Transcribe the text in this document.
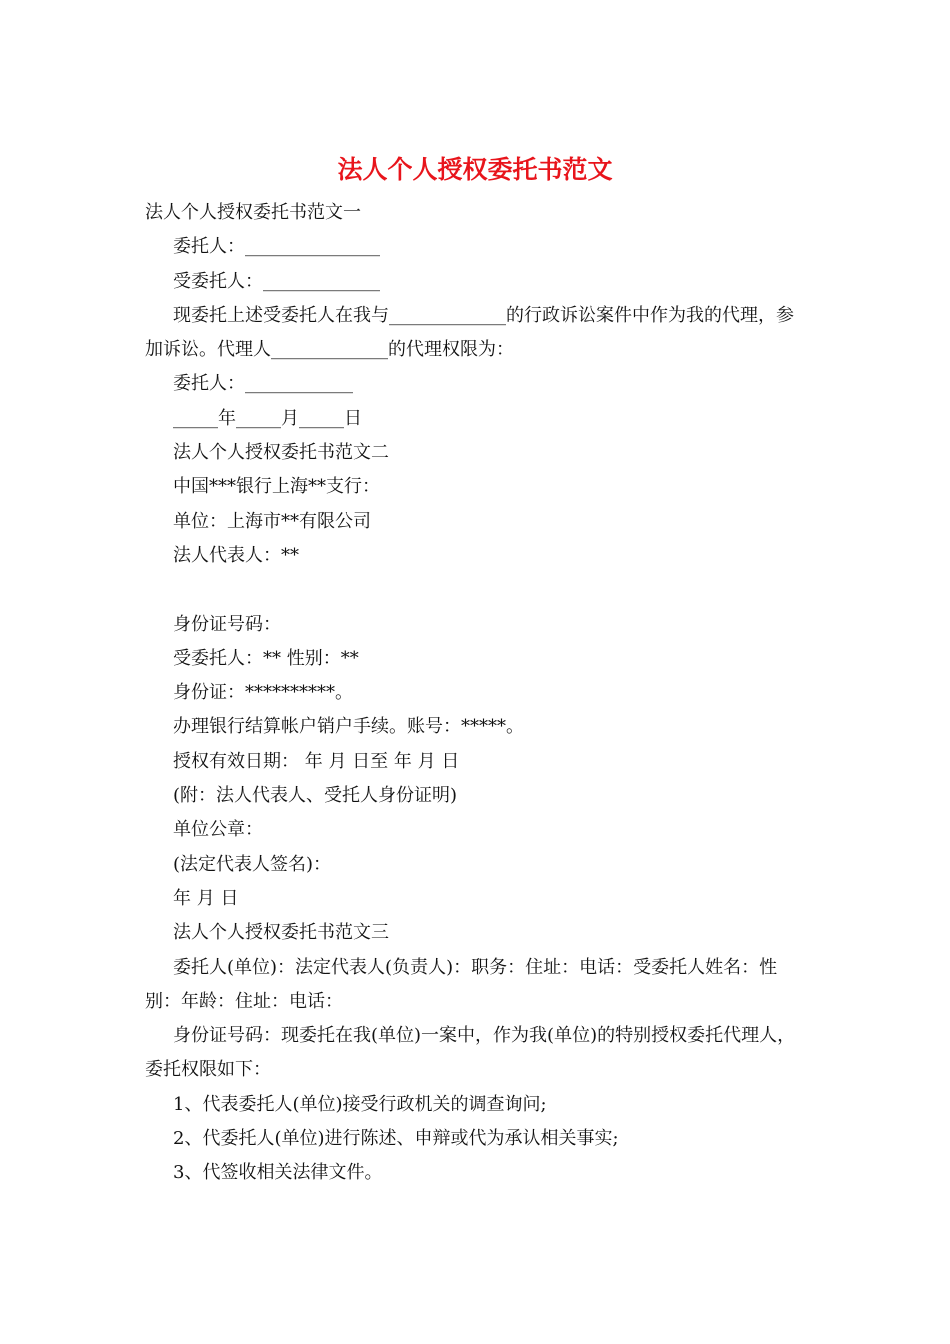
法人个人授权委托书范文

法人个人授权委托书范文一

委托人：_______________

受委托人：_____________

现委托上述受委托人在我与_____________的行政诉讼案件中作为我的代理，参加诉讼。代理人_____________的代理权限为：

委托人：____________

_____年_____月_____日

法人个人授权委托书范文二

中国***银行上海**支行：

单位：上海市**有限公司

法人代表人：**

身份证号码：

受委托人：** 性别：**

身份证：**********。

办理银行结算帐户销户手续。账号：*****。

授权有效日期： 年 月 日至 年 月 日

(附：法人代表人、受托人身份证明)

单位公章：

(法定代表人签名)：

年 月 日

法人个人授权委托书范文三

委托人(单位)：法定代表人(负责人)：职务：住址：电话：受委托人姓名：性别：年龄：住址：电话：

身份证号码：现委托在我(单位)一案中，作为我(单位)的特别授权委托代理人，委托权限如下：

1、代表委托人(单位)接受行政机关的调查询问;

2、代委托人(单位)进行陈述、申辩或代为承认相关事实;

3、代签收相关法律文件。
